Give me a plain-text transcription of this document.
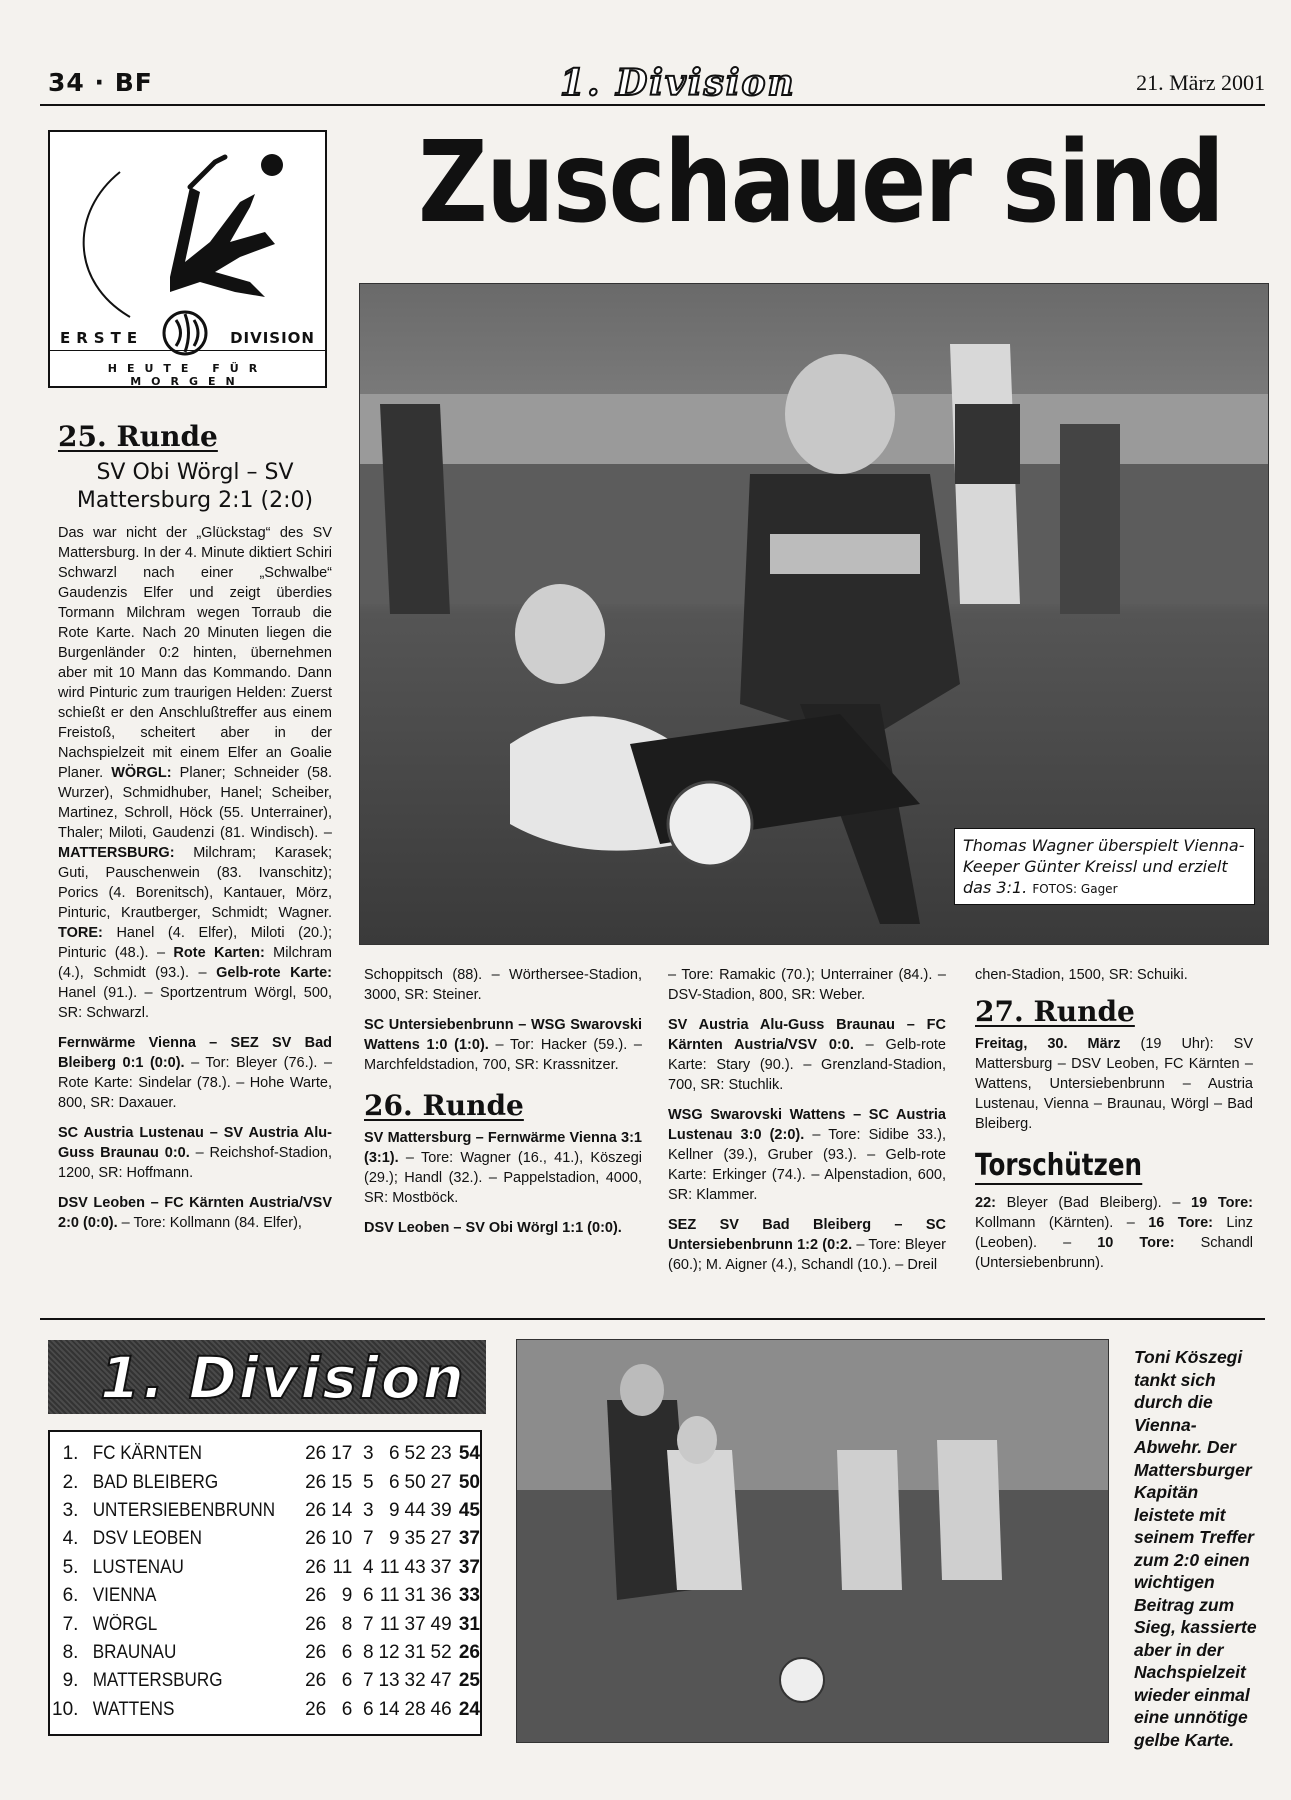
34 · BF	1. Division	21. März 2001
ERSTE	DIVISION
HEUTE FÜR MORGEN
Zuschauer sind
Thomas Wagner überspielt Vienna-Keeper Günter Kreissl und erzielt das 3:1. FOTOS: Gager
25. Runde
SV Obi Wörgl – SV Mattersburg 2:1 (2:0)

Das war nicht der „Glückstag“ des SV Mattersburg. In der 4. Minute diktiert Schiri Schwarzl nach einer „Schwalbe“ Gaudenzis Elfer und zeigt überdies Tormann Milchram wegen Torraub die Rote Karte. Nach 20 Minuten liegen die Burgenländer 0:2 hinten, übernehmen aber mit 10 Mann das Kommando. Dann wird Pinturic zum traurigen Helden: Zuerst schießt er den Anschlußtreffer aus einem Freistoß, scheitert aber in der Nachspielzeit mit einem Elfer an Goalie Planer. WÖRGL: Planer; Schneider (58. Wurzer), Schmidhuber, Hanel; Scheiber, Martinez, Schroll, Höck (55. Unterrainer), Thaler; Miloti, Gaudenzi (81. Windisch). – MATTERSBURG: Milchram; Karasek; Guti, Pauschenwein (83. Ivanschitz); Porics (4. Borenitsch), Kantauer, Mörz, Pinturic, Krautberger, Schmidt; Wagner. TORE: Hanel (4. Elfer), Miloti (20.); Pinturic (48.). – Rote Karten: Milchram (4.), Schmidt (93.). – Gelb-rote Karte: Hanel (91.). – Sportzentrum Wörgl, 500, SR: Schwarzl.

Fernwärme Vienna – SEZ SV Bad Bleiberg 0:1 (0:0). – Tor: Bleyer (76.). – Rote Karte: Sindelar (78.). – Hohe Warte, 800, SR: Daxauer.

SC Austria Lustenau – SV Austria Alu-Guss Braunau 0:0. – Reichshof-Stadion, 1200, SR: Hoffmann.

DSV Leoben – FC Kärnten Austria/VSV 2:0 (0:0). – Tore: Kollmann (84. Elfer),

Schoppitsch (88). – Wörthersee-Stadion, 3000, SR: Steiner.

SC Untersiebenbrunn – WSG Swarovski Wattens 1:0 (1:0). – Tor: Hacker (59.). – Marchfeldstadion, 700, SR: Krassnitzer.

26. Runde

SV Mattersburg – Fernwärme Vienna 3:1 (3:1). – Tore: Wagner (16., 41.), Köszegi (29.); Handl (32.). – Pappelstadion, 4000, SR: Mostböck.

DSV Leoben – SV Obi Wörgl 1:1 (0:0).

– Tore: Ramakic (70.); Unterrainer (84.). – DSV-Stadion, 800, SR: Weber.

SV Austria Alu-Guss Braunau – FC Kärnten Austria/VSV 0:0. – Gelb-rote Karte: Stary (90.). – Grenzland-Stadion, 700, SR: Stuchlik.

WSG Swarovski Wattens – SC Austria Lustenau 3:0 (2:0). – Tore: Sidibe 33.), Kellner (39.), Gruber (93.). – Gelb-rote Karte: Erkinger (74.). – Alpenstadion, 600, SR: Klammer.

SEZ SV Bad Bleiberg – SC Untersiebenbrunn 1:2 (0:2. – Tore: Bleyer (60.); M. Aigner (4.), Schandl (10.). – Dreil

chen-Stadion, 1500, SR: Schuiki.

27. Runde

Freitag, 30. März (19 Uhr): SV Mattersburg – DSV Leoben, FC Kärnten – Wattens, Untersiebenbrunn – Austria Lustenau, Vienna – Braunau, Wörgl – Bad Bleiberg.

Torschützen

22: Bleyer (Bad Bleiberg). – 19 Tore: Kollmann (Kärnten). – 16 Tore: Linz (Leoben). – 10 Tore: Schandl (Untersiebenbrunn).

1. Division
1.	FC KÄRNTEN	26	17	3	6	52	23	54
2.	BAD BLEIBERG	26	15	5	6	50	27	50
3.	UNTERSIEBENBRUNN	26	14	3	9	44	39	45
4.	DSV LEOBEN	26	10	7	9	35	27	37
5.	LUSTENAU	26	11	4	11	43	37	37
6.	VIENNA	26	9	6	11	31	36	33
7.	WÖRGL	26	8	7	11	37	49	31
8.	BRAUNAU	26	6	8	12	31	52	26
9.	MATTERSBURG	26	6	7	13	32	47	25
10.	WATTENS	26	6	6	14	28	46	24
Toni Köszegi tankt sich durch die Vienna-Abwehr. Der Mattersburger Kapitän leistete mit seinem Treffer zum 2:0 einen wichtigen Beitrag zum Sieg, kassierte aber in der Nachspielzeit wieder einmal eine unnötige gelbe Karte.
